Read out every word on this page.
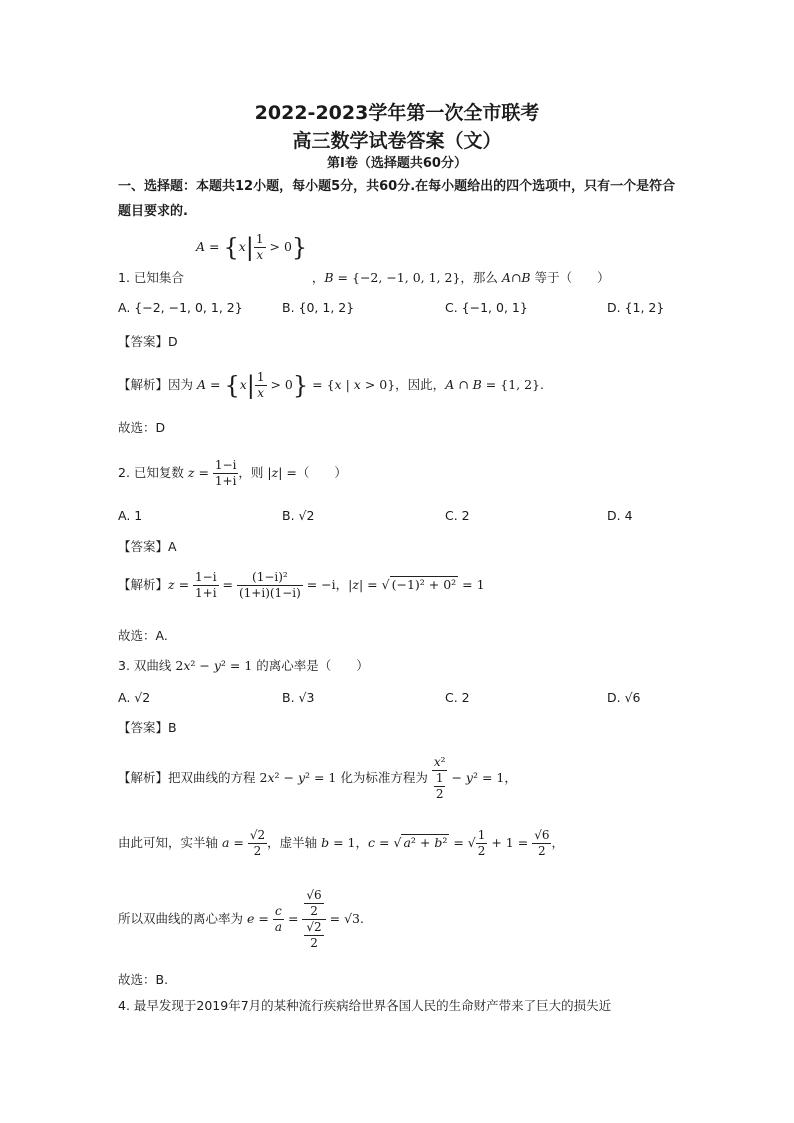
2022-2023学年第一次全市联考
高三数学试卷答案（文）
第Ⅰ卷（选择题共60分）
一、选择题：本题共12小题，每小题5分，共60分.在每小题给出的四个选项中，只有一个是符合题目要求的.
$A = \{x| \frac{1}{x} > 0\}$
1. 已知集合	，B = {−2, −1, 0, 1, 2}，那么 A∩B 等于（　　）
A. {−2, −1, 0, 1, 2}	B. {0, 1, 2}	C. {−1, 0, 1}	D. {1, 2}
【答案】D
【解析】因为 $A = \{x| \frac{1}{x} > 0\} = \{x$ | x > 0}，因此，A ∩ B = {1, 2}.
故选：D
2. 已知复数 $z = \frac{1-i}{1+i}$ ，则 |z| =（　　）
A. 1	B. √2	C. 2	D. 4
【答案】A
【解析】$z = \frac{1-i}{1+i} = \frac{\text{(1−i)²}}{(1+i)(1-i)} = -i$，|z| = √ (−1)² + 0² = 1
故选：A.
3. 双曲线 2x² − y² = 1 的离心率是（　　）
A. √2	B. √3	C. 2	D. √6
【答案】B
【解析】把双曲线的方程 2x² − y² = 1 化为标准方程为 $\frac{\text{x²}}{\frac{1}{2}} - y^2 = 1$，
由此可知，实半轴 $a = \frac{√2}{2}$ ，虚半轴 b = 1，c = √ a² + b² = √ $\frac{1}{2} + 1 = \frac{√6}{2}$ ，
所以双曲线的离心率为 $e = \frac{c}{a} = \frac{\frac{√6}{2}}{\frac{√2}{2}} = √3$.
故选：B.
4. 最早发现于2019年7月的某种流行疾病给世界各国人民的生命财产带来了巨大的损失近
